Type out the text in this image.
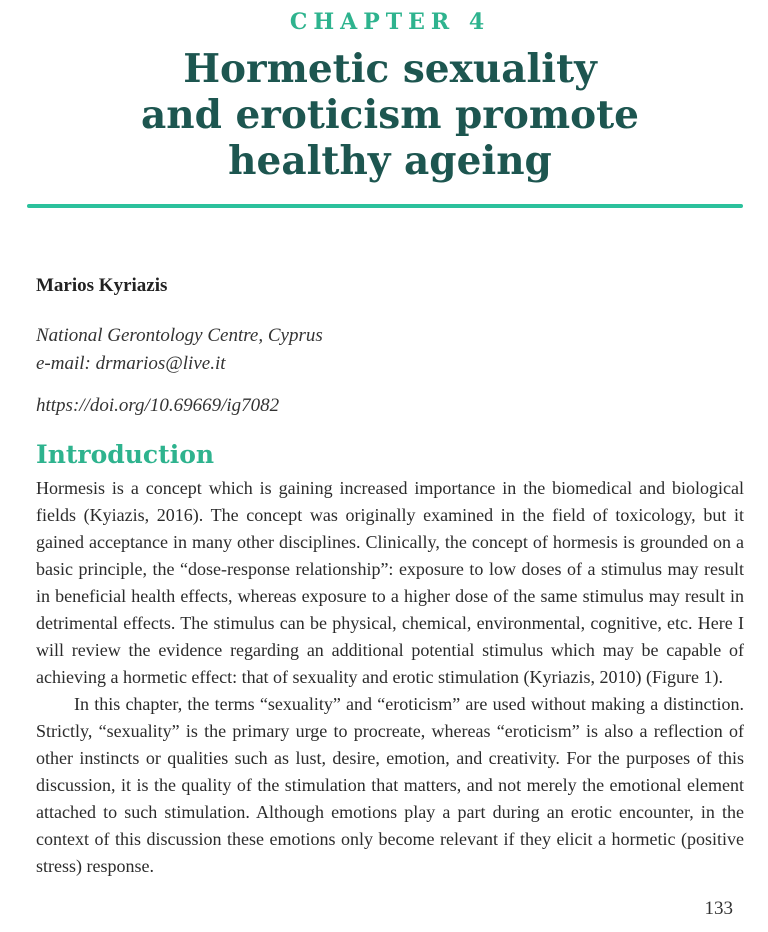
CHAPTER 4
Hormetic sexuality
and eroticism promote
healthy ageing
Marios Kyriazis
National Gerontology Centre, Cyprus
e-mail: drmarios@live.it
https://doi.org/10.69669/ig7082
Introduction

Hormesis is a concept which is gaining increased importance in the biomedical and biological fields (Kyiazis, 2016). The concept was originally examined in the field of toxicology, but it gained acceptance in many other disciplines. Clinically, the concept of hormesis is grounded on a basic principle, the “dose-response relationship”: exposure to low doses of a stimulus may result in beneficial health effects, whereas exposure to a higher dose of the same stimulus may result in detrimental effects. The stimulus can be physical, chemical, environmental, cognitive, etc. Here I will review the evidence regarding an additional potential stimulus which may be capable of achieving a hormetic effect: that of sexuality and erotic stimulation (Kyriazis, 2010) (Figure 1).

In this chapter, the terms “sexuality” and “eroticism” are used without making a distinction. Strictly, “sexuality” is the primary urge to procreate, whereas “eroticism” is also a reflection of other instincts or qualities such as lust, desire, emotion, and creativity. For the purposes of this discussion, it is the quality of the stimulation that matters, and not merely the emotional element attached to such stimulation. Although emotions play a part during an erotic encounter, in the context of this discussion these emotions only become relevant if they elicit a hormetic (positive stress) response.

133
